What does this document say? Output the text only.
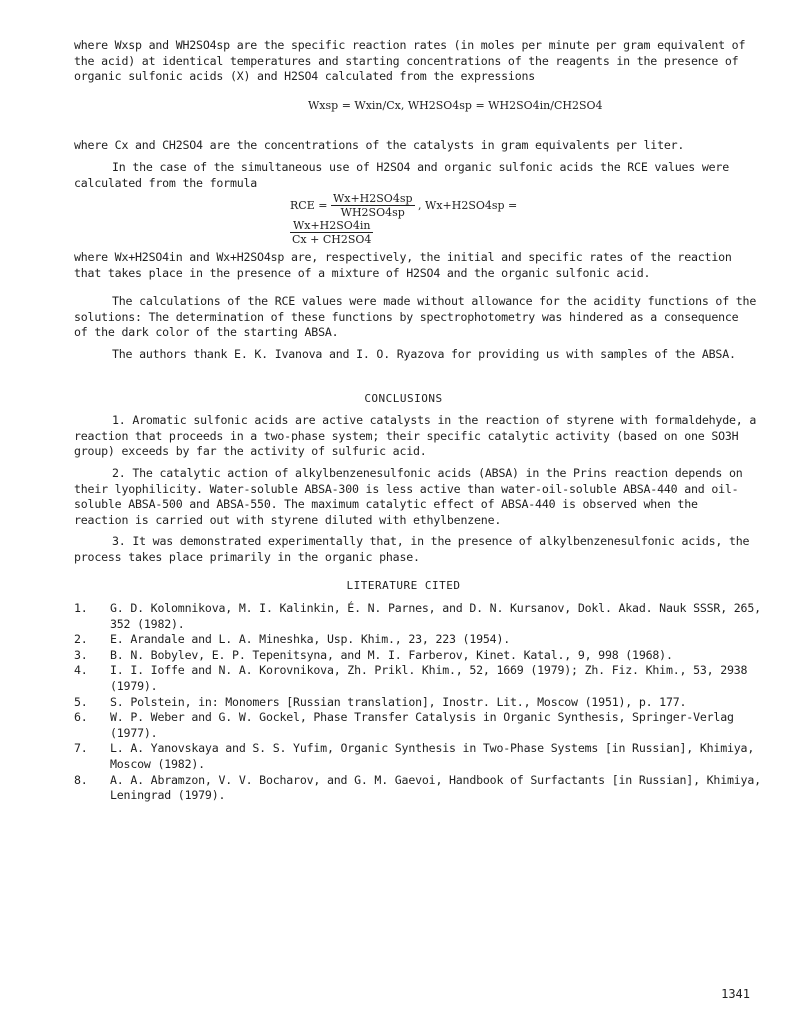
where Wxsp and WH2SO4sp are the specific reaction rates (in moles per minute per gram equivalent of the acid) at identical temperatures and starting concentrations of the reagents in the presence of organic sulfonic acids (X) and H2SO4 calculated from the expressions

Wxsp = Wxin/Cx, WH2SO4sp = WH2SO4in/CH2SO4

where Cx and CH2SO4 are the concentrations of the catalysts in gram equivalents per liter.

In the case of the simultaneous use of H2SO4 and organic sulfonic acids the RCE values were calculated from the formula

RCE = $\frac{Wx+H2SO4sp}{WH2SO4sp}$ , Wx+H2SO4sp =
$\frac{Wx+H2SO4in}{Cx + CH2SO4}$

where Wx+H2SO4in and Wx+H2SO4sp are, respectively, the initial and specific rates of the reaction that takes place in the presence of a mixture of H2SO4 and the organic sulfonic acid.

The calculations of the RCE values were made without allowance for the acidity functions of the solutions: The determination of these functions by spectrophotometry was hindered as a consequence of the dark color of the starting ABSA.

The authors thank E. K. Ivanova and I. O. Ryazova for providing us with samples of the ABSA.

CONCLUSIONS

1. Aromatic sulfonic acids are active catalysts in the reaction of styrene with formaldehyde, a reaction that proceeds in a two-phase system; their specific catalytic activity (based on one SO3H group) exceeds by far the activity of sulfuric acid.

2. The catalytic action of alkylbenzenesulfonic acids (ABSA) in the Prins reaction depends on their lyophilicity. Water-soluble ABSA-300 is less active than water-oil-soluble ABSA-440 and oil-soluble ABSA-500 and ABSA-550. The maximum catalytic effect of ABSA-440 is observed when the reaction is carried out with styrene diluted with ethylbenzene.

3. It was demonstrated experimentally that, in the presence of alkylbenzenesulfonic acids, the process takes place primarily in the organic phase.

LITERATURE CITED
1. G. D. Kolomnikova, M. I. Kalinkin, É. N. Parnes, and D. N. Kursanov, Dokl. Akad. Nauk SSSR, 265, 352 (1982).
2. E. Arandale and L. A. Mineshka, Usp. Khim., 23, 223 (1954).
3. B. N. Bobylev, E. P. Tepenitsyna, and M. I. Farberov, Kinet. Katal., 9, 998 (1968).
4. I. I. Ioffe and N. A. Korovnikova, Zh. Prikl. Khim., 52, 1669 (1979); Zh. Fiz. Khim., 53, 2938 (1979).
5. S. Polstein, in: Monomers [Russian translation], Inostr. Lit., Moscow (1951), p. 177.
6. W. P. Weber and G. W. Gockel, Phase Transfer Catalysis in Organic Synthesis, Springer-Verlag (1977).
7. L. A. Yanovskaya and S. S. Yufim, Organic Synthesis in Two-Phase Systems [in Russian], Khimiya, Moscow (1982).
8. A. A. Abramzon, V. V. Bocharov, and G. M. Gaevoi, Handbook of Surfactants [in Russian], Khimiya, Leningrad (1979).
1341
